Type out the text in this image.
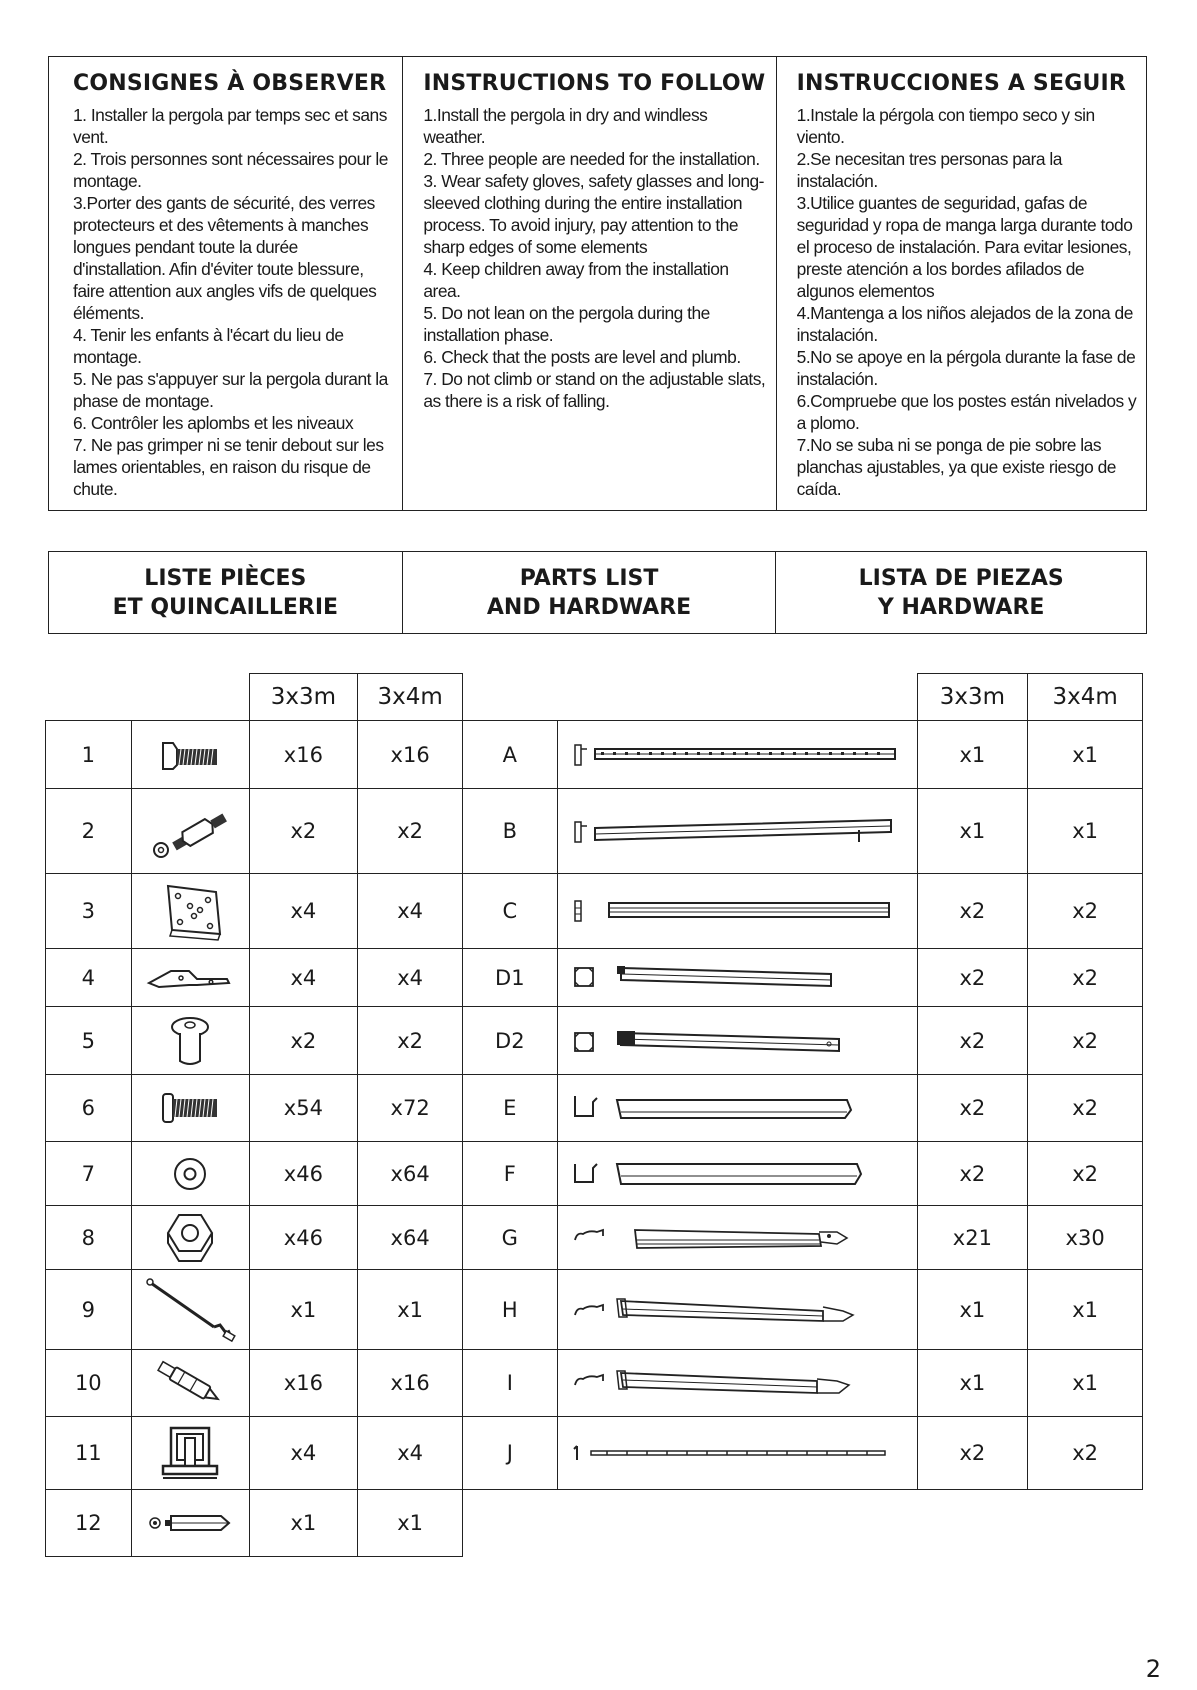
CONSIGNES À OBSERVER

1. Installer la pergola par temps sec et sans vent.
2. Trois personnes sont nécessaires pour le montage.
3.Porter des gants de sécurité, des verres protecteurs et des vêtements à manches longues pendant toute la durée d'installation. Afin d'éviter toute blessure, faire attention aux angles vifs de quelques éléments.
4. Tenir les enfants à l'écart du lieu de montage.
5. Ne pas s'appuyer sur la pergola durant la phase de montage.
6. Contrôler les aplombs et les niveaux
7. Ne pas grimper ni se tenir debout sur les lames orientables, en raison du risque de chute.

INSTRUCTIONS TO FOLLOW

1.Install the pergola in dry and windless weather.
2. Three people are needed for the installation.
3. Wear safety gloves, safety glasses and long-sleeved clothing during the entire installation process. To avoid injury, pay attention to the sharp edges of some elements
4. Keep children away from the installation area.
5. Do not lean on the pergola during the installation phase.
6. Check that the posts are level and plumb.
7. Do not climb or stand on the adjustable slats, as there is a risk of falling.

INSTRUCCIONES A SEGUIR

1.Instale la pérgola con tiempo seco y sin viento.
2.Se necesitan tres personas para la instalación.
3.Utilice guantes de seguridad, gafas de seguridad y ropa de manga larga durante todo el proceso de instalación. Para evitar lesiones, preste atención a los bordes afilados de algunos elementos
4.Mantenga a los niños alejados de la zona de instalación.
5.No se apoye en la pérgola durante la fase de instalación.
6.Compruebe que los postes están nivelados y a plomo.
7.No se suba ni se ponga de pie sobre las planchas ajustables, ya que existe riesgo de caída.

LISTE PIÈCES
ET QUINCAILLERIE
PARTS LIST
AND HARDWARE
LISTA DE PIEZAS
Y HARDWARE
		3x3m	3x4m
1		x16	x16
2		x2	x2
3		x4	x4
4		x4	x4
5		x2	x2
6		x54	x72
7		x46	x64
8		x46	x64
9		x1	x1
10		x16	x16
11		x4	x4
12		x1	x1
		3x3m	3x4m
A		x1	x1
B		x1	x1
C		x2	x2
D1		x2	x2
D2		x2	x2
E		x2	x2
F		x2	x2
G		x21	x30
H		x1	x1
I		x1	x1
J		x2	x2
2
